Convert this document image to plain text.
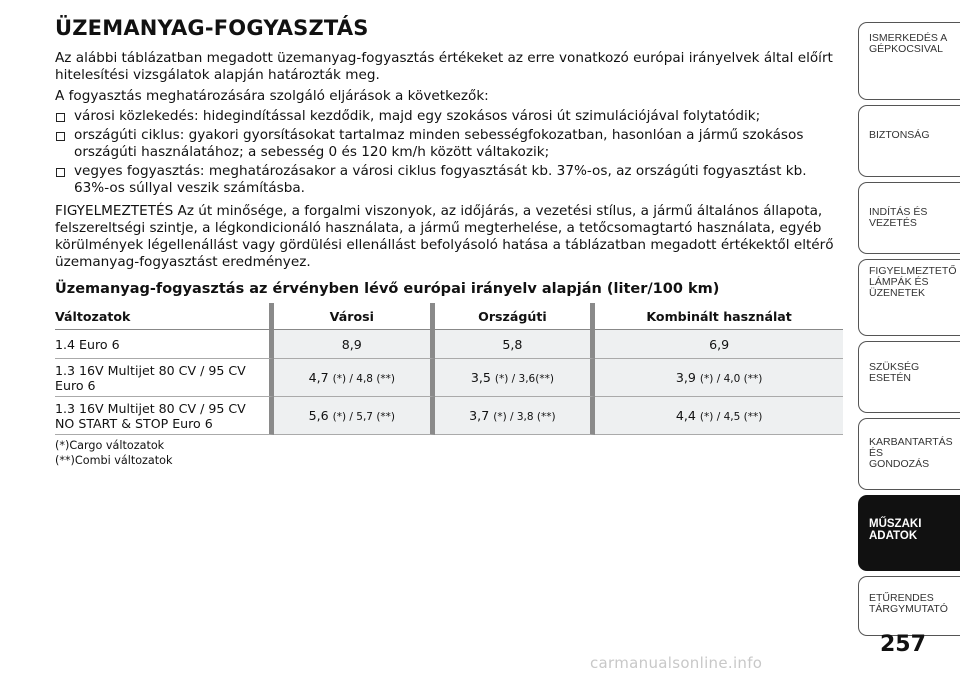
ÜZEMANYAG-FOGYASZTÁS

Az alábbi táblázatban megadott üzemanyag-fogyasztás értékeket az erre vonatkozó európai irányelvek által előírt hitelesítési vizsgálatok alapján határozták meg.

A fogyasztás meghatározására szolgáló eljárások a következők:

városi közlekedés: hidegindítással kezdődik, majd egy szokásos városi út szimulációjával folytatódik;
országúti ciklus: gyakori gyorsításokat tartalmaz minden sebességfokozatban, hasonlóan a jármű szokásos országúti használatához; a sebesség 0 és 120 km/h között váltakozik;
vegyes fogyasztás: meghatározásakor a városi ciklus fogyasztását kb. 37%-os, az országúti fogyasztást kb. 63%-os súllyal veszik számításba.

FIGYELMEZTETÉS Az út minősége, a forgalmi viszonyok, az időjárás, a vezetési stílus, a jármű általános állapota, felszereltségi szintje, a légkondicionáló használata, a jármű megterhelése, a tetőcsomagtartó használata, egyéb körülmények légellenállást vagy gördülési ellenállást befolyásoló hatása a táblázatban megadott értékektől eltérő üzemanyag-fogyasztást eredményez.

Üzemanyag-fogyasztás az érvényben lévő európai irányelv alapján (liter/100 km)
Változatok	Városi	Országúti	Kombinált használat
1.4 Euro 6	8,9	5,8	6,9
1.3 16V Multijet 80 CV / 95 CV
Euro 6	4,7 (*) / 4,8 (**)	3,5 (*) / 3,6(**)	3,9 (*) / 4,0 (**)
1.3 16V Multijet 80 CV / 95 CV
NO START & STOP Euro 6	5,6 (*) / 5,7 (**)	3,7 (*) / 3,8 (**)	4,4 (*) / 4,5 (**)
(*)Cargo változatok
(**)Combi változatok
ISMERKEDÉS A
GÉPKOCSIVAL
BIZTONSÁG
INDÍTÁS ÉS VEZETÉS
FIGYELMEZTETŐ
LÁMPÁK ÉS
ÜZENETEK
SZÜKSÉG ESETÉN
KARBANTARTÁS ÉS
GONDOZÁS
MŰSZAKI
ADATOK
ETŰRENDES
TÁRGYMUTATÓ
257
carmanualsonline.info
